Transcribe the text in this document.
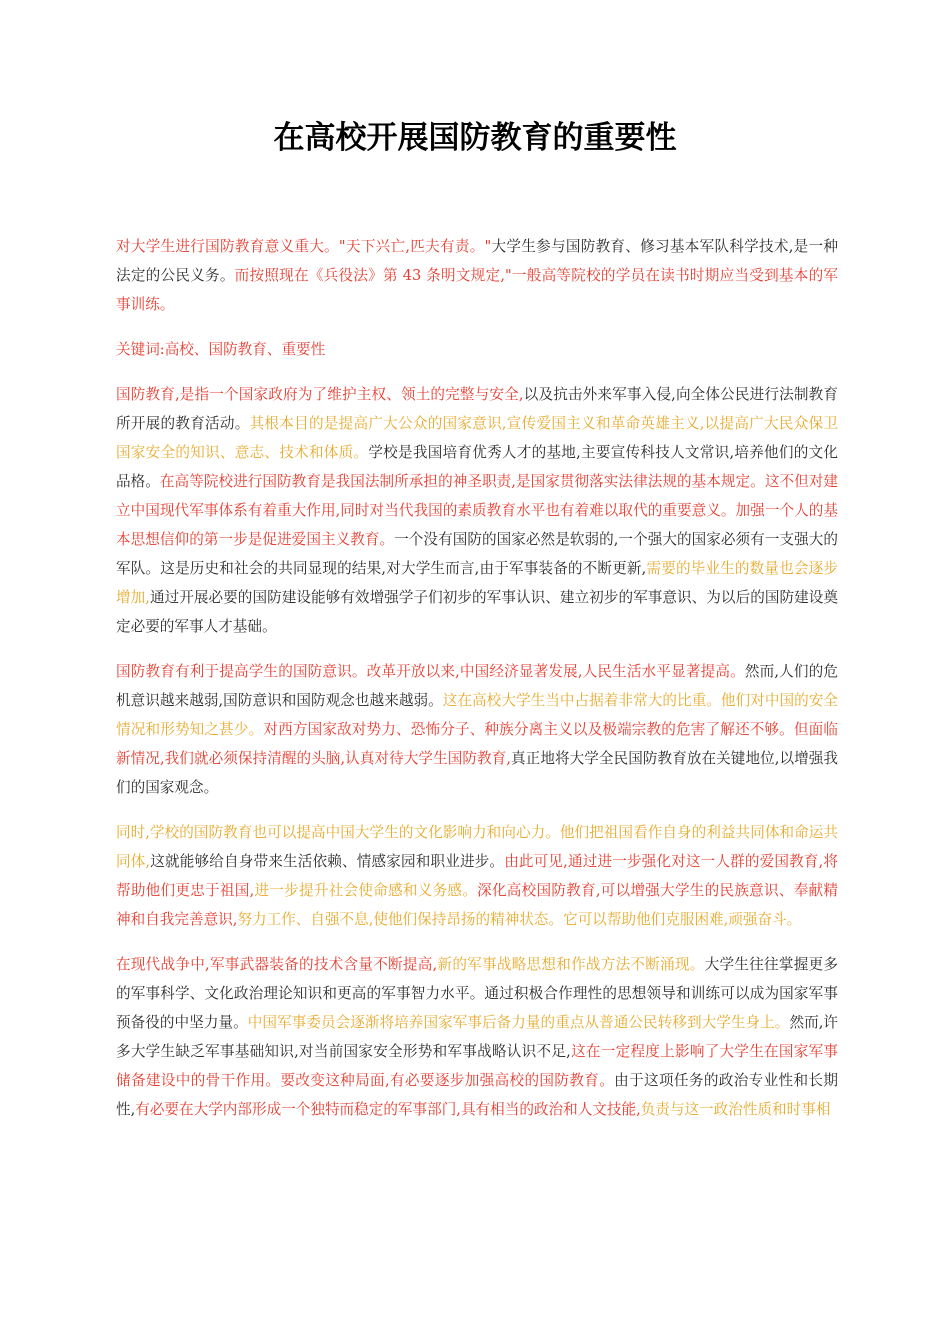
在高校开展国防教育的重要性

对大学生进行国防教育意义重大。"天下兴亡,匹夫有责。"大学生参与国防教育、修习基本军队科学技术,是一种法定的公民义务。而按照现在《兵役法》第 43 条明文规定,"一般高等院校的学员在读书时期应当受到基本的军事训练。

关键词:高校、国防教育、重要性

国防教育,是指一个国家政府为了维护主权、领土的完整与安全,以及抗击外来军事入侵,向全体公民进行法制教育所开展的教育活动。其根本目的是提高广大公众的国家意识,宣传爱国主义和革命英雄主义,以提高广大民众保卫国家安全的知识、意志、技术和体质。学校是我国培育优秀人才的基地,主要宣传科技人文常识,培养他们的文化品格。在高等院校进行国防教育是我国法制所承担的神圣职责,是国家贯彻落实法律法规的基本规定。这不但对建立中国现代军事体系有着重大作用,同时对当代我国的素质教育水平也有着难以取代的重要意义。加强一个人的基本思想信仰的第一步是促进爱国主义教育。一个没有国防的国家必然是软弱的,一个强大的国家必须有一支强大的军队。这是历史和社会的共同显现的结果,对大学生而言,由于军事装备的不断更新,需要的毕业生的数量也会逐步增加,通过开展必要的国防建设能够有效增强学子们初步的军事认识、建立初步的军事意识、为以后的国防建设奠定必要的军事人才基础。

国防教育有利于提高学生的国防意识。改革开放以来,中国经济显著发展,人民生活水平显著提高。然而,人们的危机意识越来越弱,国防意识和国防观念也越来越弱。这在高校大学生当中占据着非常大的比重。他们对中国的安全情况和形势知之甚少。对西方国家敌对势力、恐怖分子、种族分离主义以及极端宗教的危害了解还不够。但面临新情况,我们就必须保持清醒的头脑,认真对待大学生国防教育,真正地将大学全民国防教育放在关键地位,以增强我们的国家观念。

同时,学校的国防教育也可以提高中国大学生的文化影响力和向心力。他们把祖国看作自身的利益共同体和命运共同体,这就能够给自身带来生活依赖、情感家园和职业进步。由此可见,通过进一步强化对这一人群的爱国教育,将帮助他们更忠于祖国,进一步提升社会使命感和义务感。深化高校国防教育,可以增强大学生的民族意识、奉献精神和自我完善意识,努力工作、自强不息,使他们保持昂扬的精神状态。它可以帮助他们克服困难,顽强奋斗。

在现代战争中,军事武器装备的技术含量不断提高,新的军事战略思想和作战方法不断涌现。大学生往往掌握更多的军事科学、文化政治理论知识和更高的军事智力水平。通过积极合作理性的思想领导和训练可以成为国家军事预备役的中坚力量。中国军事委员会逐渐将培养国家军事后备力量的重点从普通公民转移到大学生身上。然而,许多大学生缺乏军事基础知识,对当前国家安全形势和军事战略认识不足,这在一定程度上影响了大学生在国家军事储备建设中的骨干作用。要改变这种局面,有必要逐步加强高校的国防教育。由于这项任务的政治专业性和长期性,有必要在大学内部形成一个独特而稳定的军事部门,具有相当的政治和人文技能,负责与这一政治性质和时事相
